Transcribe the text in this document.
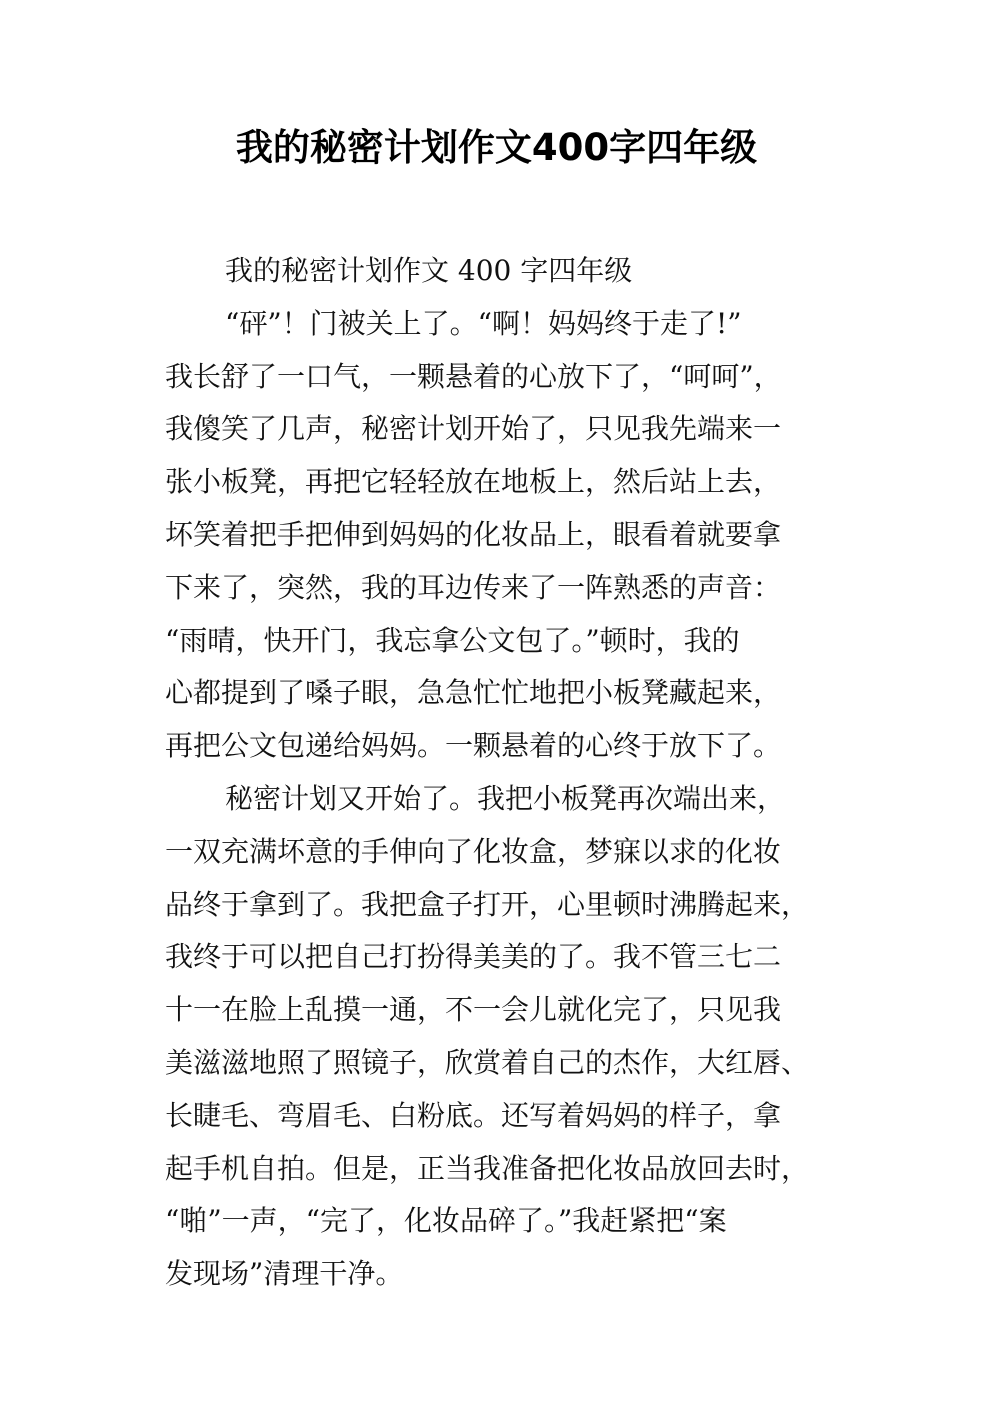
我的秘密计划作文400字四年级
我的秘密计划作文 400 字四年级
“砰”！门被关上了。“啊！妈妈终于走了!”
我长舒了一口气，一颗悬着的心放下了，“呵呵”，
我傻笑了几声，秘密计划开始了，只见我先端来一
张小板凳，再把它轻轻放在地板上，然后站上去，
坏笑着把手把伸到妈妈的化妆品上，眼看着就要拿
下来了，突然，我的耳边传来了一阵熟悉的声音：
“雨晴，快开门，我忘拿公文包了。”顿时，我的
心都提到了嗓子眼，急急忙忙地把小板凳藏起来，
再把公文包递给妈妈。一颗悬着的心终于放下了。
秘密计划又开始了。我把小板凳再次端出来，
一双充满坏意的手伸向了化妆盒，梦寐以求的化妆
品终于拿到了。我把盒子打开，心里顿时沸腾起来，
我终于可以把自己打扮得美美的了。我不管三七二
十一在脸上乱摸一通，不一会儿就化完了，只见我
美滋滋地照了照镜子，欣赏着自己的杰作，大红唇、
长睫毛、弯眉毛、白粉底。还写着妈妈的样子，拿
起手机自拍。但是，正当我准备把化妆品放回去时，
“啪”一声，“完了，化妆品碎了。”我赶紧把“案
发现场”清理干净。
